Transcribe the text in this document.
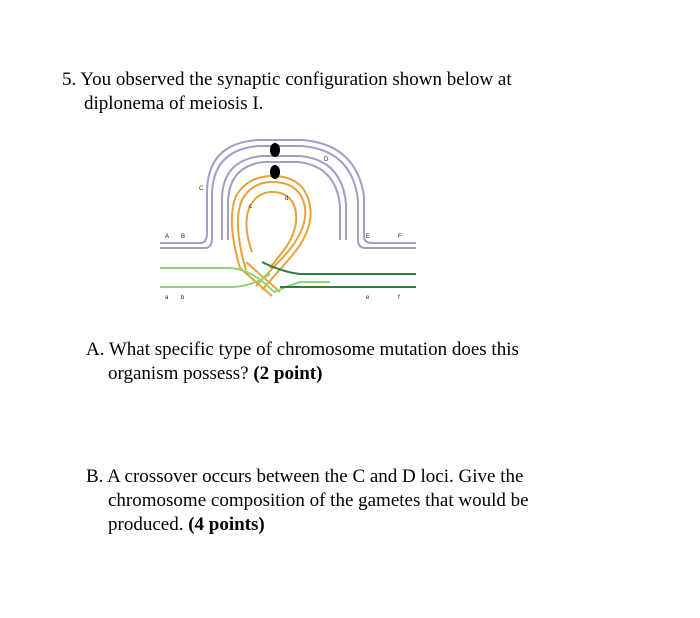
5. You observed the synaptic configuration shown below at

diplonema of meiosis I.
A B
C
D
E	F
c
d
a b	e	f
A. What specific type of chromosome mutation does this

organism possess? (2 point)
B. A crossover occurs between the C and D loci. Give the

chromosome composition of the gametes that would be
produced. (4 points)
